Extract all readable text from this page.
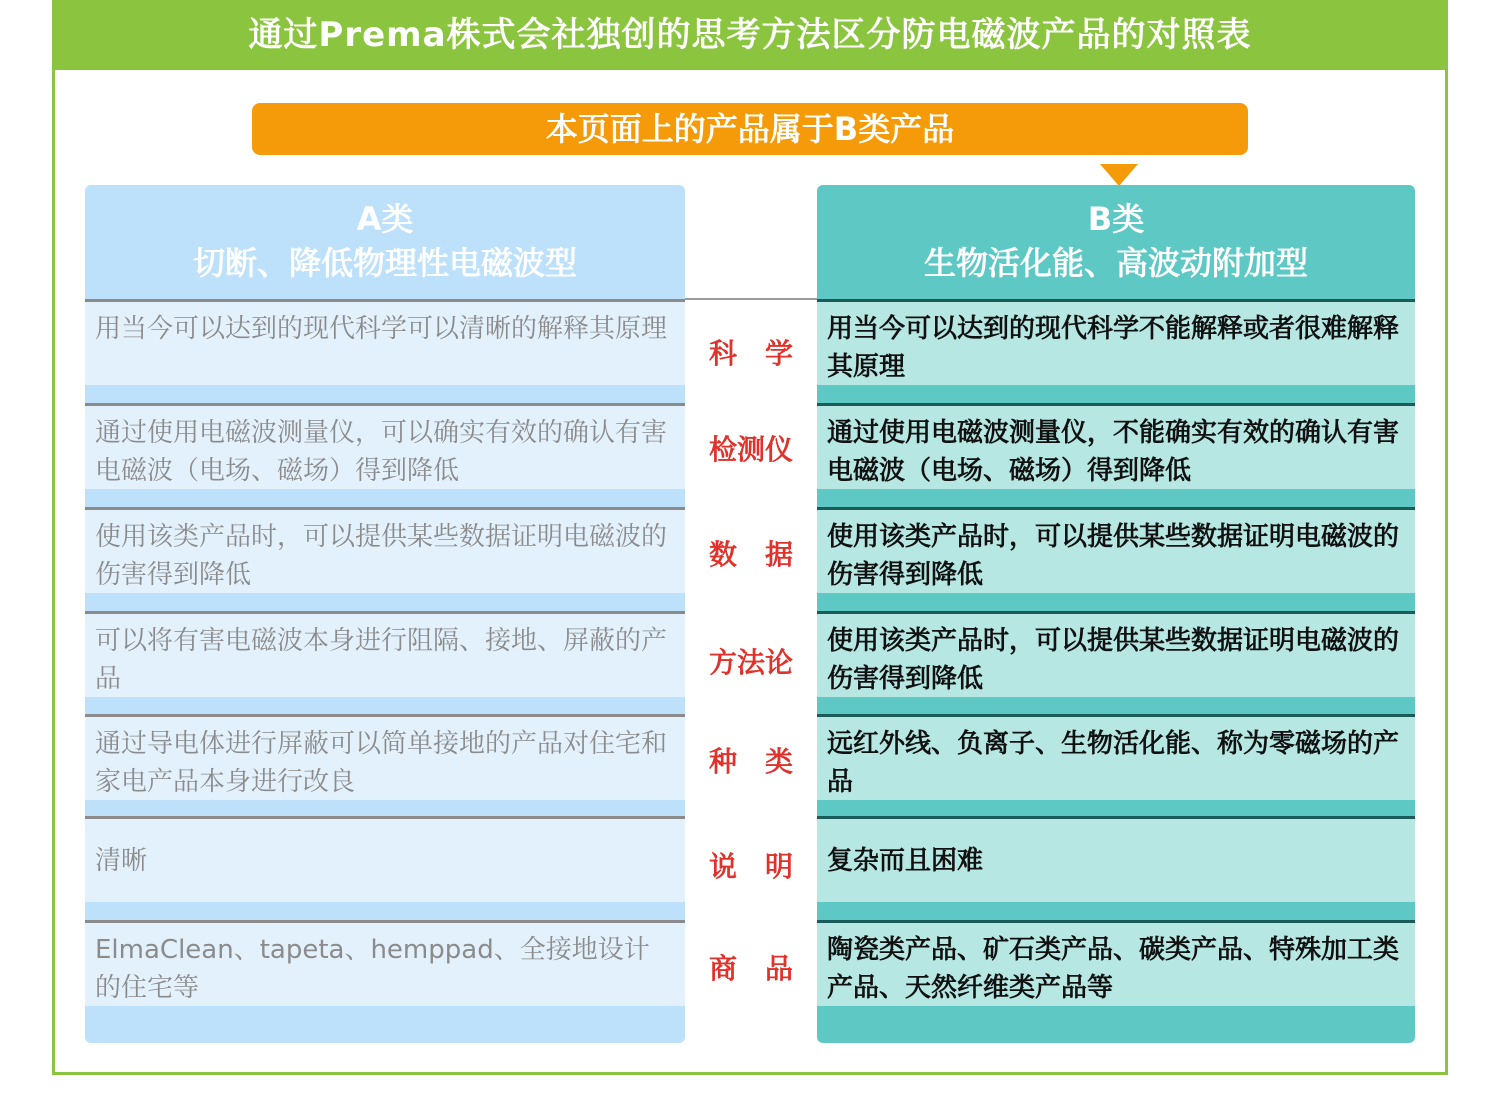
通过Prema株式会社独创的思考方法区分防电磁波产品的对照表
本页面上的产品属于B类产品
A类
切断、降低物理性电磁波型
用当今可以达到的现代科学可以清晰的解释其原理
通过使用电磁波测量仪，可以确实有效的确认有害电磁波（电场、磁场）得到降低
使用该类产品时，可以提供某些数据证明电磁波的伤害得到降低
可以将有害电磁波本身进行阻隔、接地、屏蔽的产品
通过导电体进行屏蔽可以简单接地的产品对住宅和家电产品本身进行改良
清晰
ElmaClean、tapeta、hemppad、全接地设计的住宅等
B类
生物活化能、高波动附加型
用当今可以达到的现代科学不能解释或者很难解释其原理
通过使用电磁波测量仪，不能确实有效的确认有害电磁波（电场、磁场）得到降低
使用该类产品时，可以提供某些数据证明电磁波的伤害得到降低
使用该类产品时，可以提供某些数据证明电磁波的伤害得到降低
远红外线、负离子、生物活化能、称为零磁场的产品
复杂而且困难
陶瓷类产品、矿石类产品、碳类产品、特殊加工类产品、天然纤维类产品等
科　学
检测仪
数　据
方法论
种　类
说　明
商　品
